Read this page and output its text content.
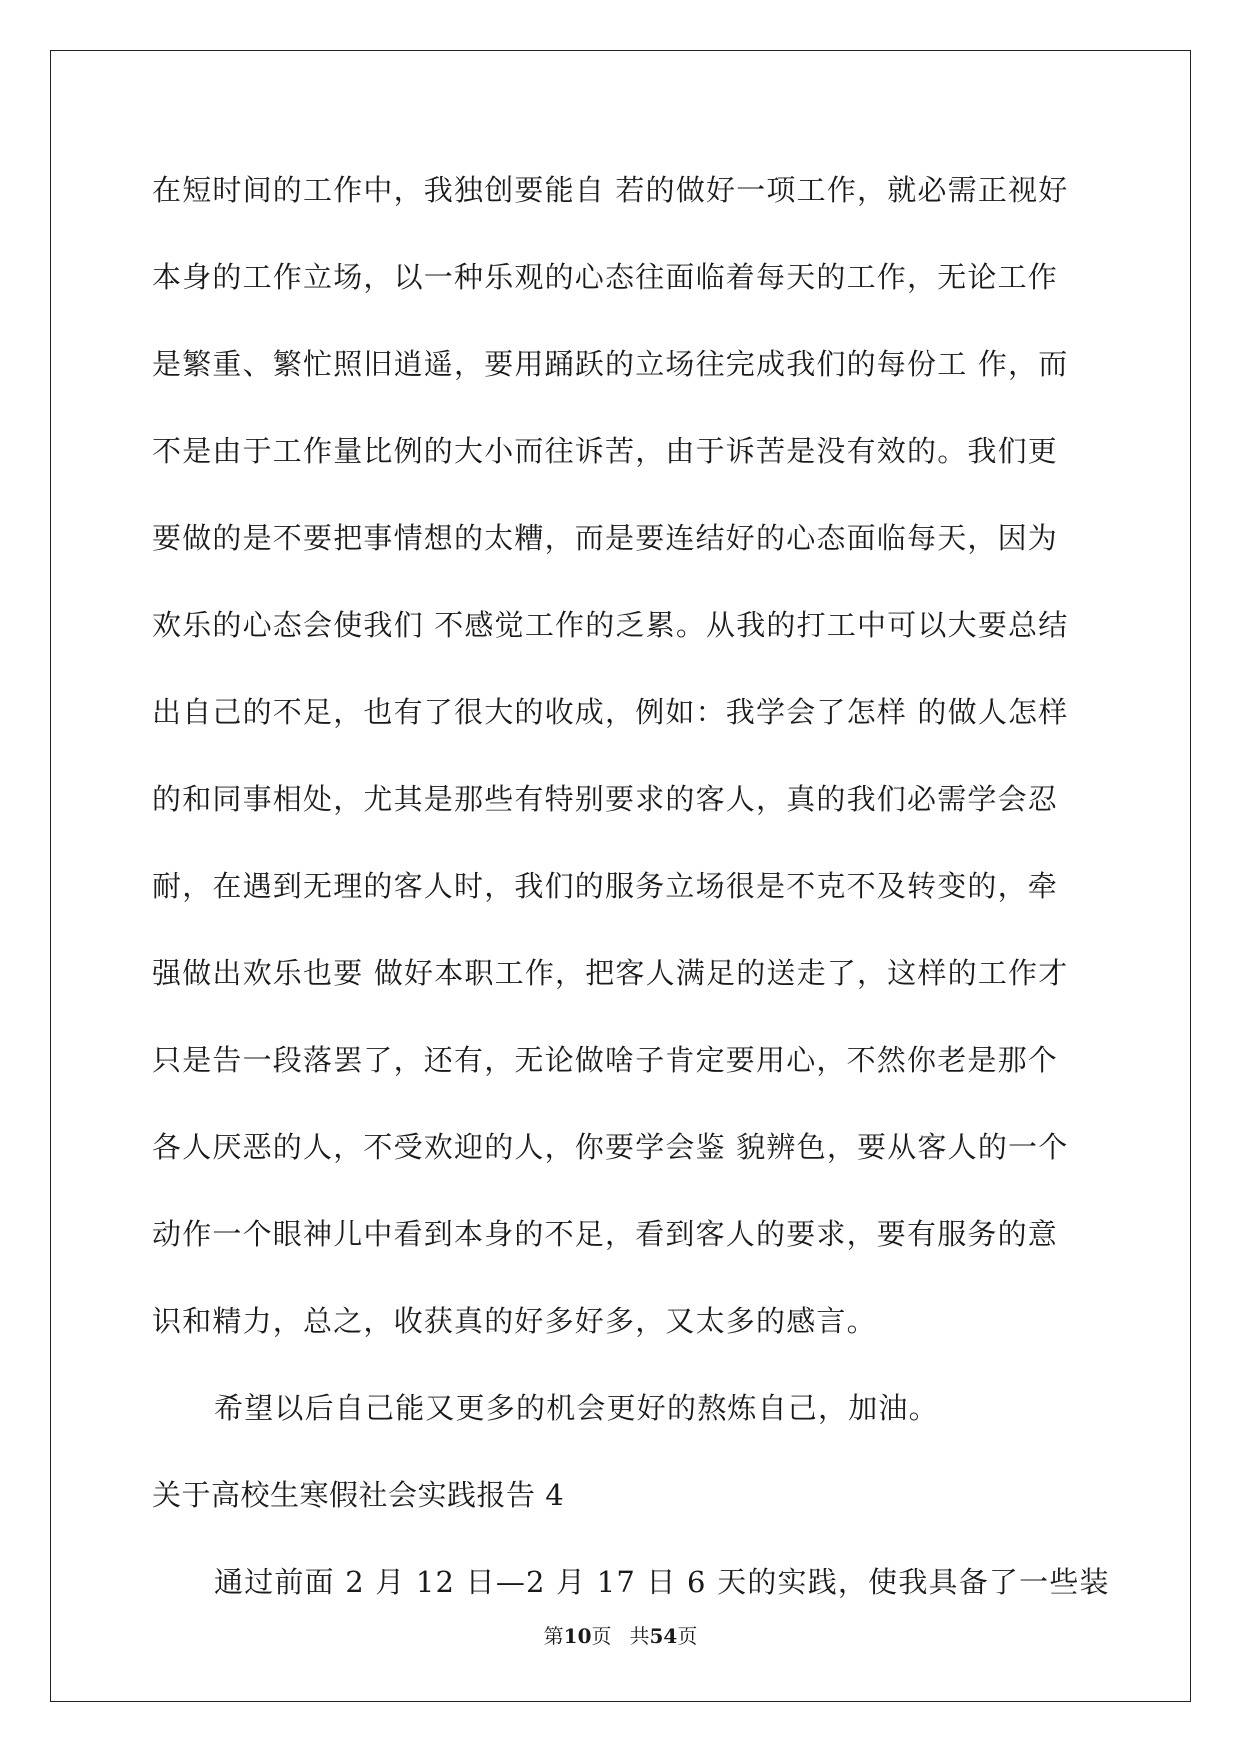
在短时间的工作中，我独创要能自 若的做好一项工作，就必需正视好
本身的工作立场，以一种乐观的心态往面临着每天的工作，无论工作
是繁重、繁忙照旧逍遥，要用踊跃的立场往完成我们的每份工 作，而
不是由于工作量比例的大小而往诉苦，由于诉苦是没有效的。我们更
要做的是不要把事情想的太糟，而是要连结好的心态面临每天，因为
欢乐的心态会使我们 不感觉工作的乏累。从我的打工中可以大要总结
出自己的不足，也有了很大的收成，例如：我学会了怎样 的做人怎样
的和同事相处，尤其是那些有特别要求的客人，真的我们必需学会忍
耐，在遇到无理的客人时，我们的服务立场很是不克不及转变的，牵
强做出欢乐也要 做好本职工作，把客人满足的送走了，这样的工作才
只是告一段落罢了，还有，无论做啥子肯定要用心，不然你老是那个
各人厌恶的人，不受欢迎的人，你要学会鉴 貌辨色，要从客人的一个
动作一个眼神儿中看到本身的不足，看到客人的要求，要有服务的意
识和精力，总之，收获真的好多好多，又太多的感言。
希望以后自己能又更多的机会更好的熬炼自己，加油。
关于高校生寒假社会实践报告 4
通过前面 2 月 12 日—2 月 17 日 6 天的实践，使我具备了一些装
第10页 共54页
